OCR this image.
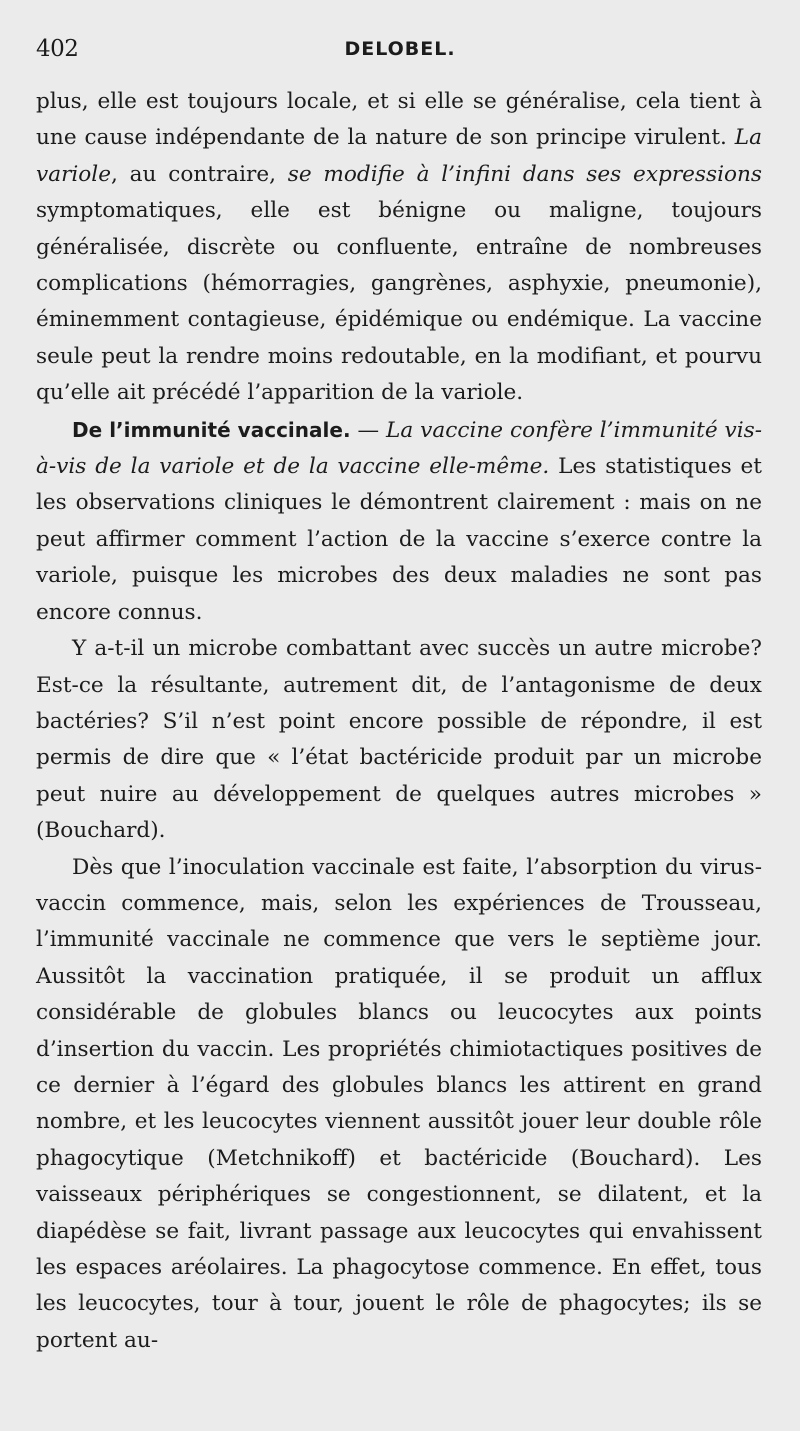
402	DELOBEL.

plus, elle est toujours locale, et si elle se généralise, cela tient à une cause indépendante de la nature de son principe virulent. La variole, au contraire, se modifie à l’infini dans ses expressions symptomatiques, elle est bénigne ou maligne, toujours généralisée, discrète ou confluente, entraîne de nombreuses complications (hémorragies, gangrènes, asphyxie, pneumonie), éminemment contagieuse, épidémique ou endémique. La vaccine seule peut la rendre moins redoutable, en la modifiant, et pourvu qu’elle ait précédé l’apparition de la variole.

De l’immunité vaccinale. — La vaccine confère l’immunité vis-à-vis de la variole et de la vaccine elle-même. Les statistiques et les observations cliniques le démontrent clairement : mais on ne peut affirmer comment l’action de la vaccine s’exerce contre la variole, puisque les microbes des deux maladies ne sont pas encore connus.

Y a-t-il un microbe combattant avec succès un autre microbe? Est-ce la résultante, autrement dit, de l’antagonisme de deux bactéries? S’il n’est point encore possible de répondre, il est permis de dire que « l’état bactéricide produit par un microbe peut nuire au développement de quelques autres microbes » (Bouchard).

Dès que l’inoculation vaccinale est faite, l’absorption du virus-vaccin commence, mais, selon les expériences de Trousseau, l’immunité vaccinale ne commence que vers le septième jour. Aussitôt la vaccination pratiquée, il se produit un afflux considérable de globules blancs ou leucocytes aux points d’insertion du vaccin. Les propriétés chimiotactiques positives de ce dernier à l’égard des globules blancs les attirent en grand nombre, et les leucocytes viennent aussitôt jouer leur double rôle phagocytique (Metchnikoff) et bactéricide (Bouchard). Les vaisseaux périphériques se congestionnent, se dilatent, et la diapédèse se fait, livrant passage aux leucocytes qui envahissent les espaces aréolaires. La phagocytose commence. En effet, tous les leucocytes, tour à tour, jouent le rôle de phagocytes; ils se portent au-
